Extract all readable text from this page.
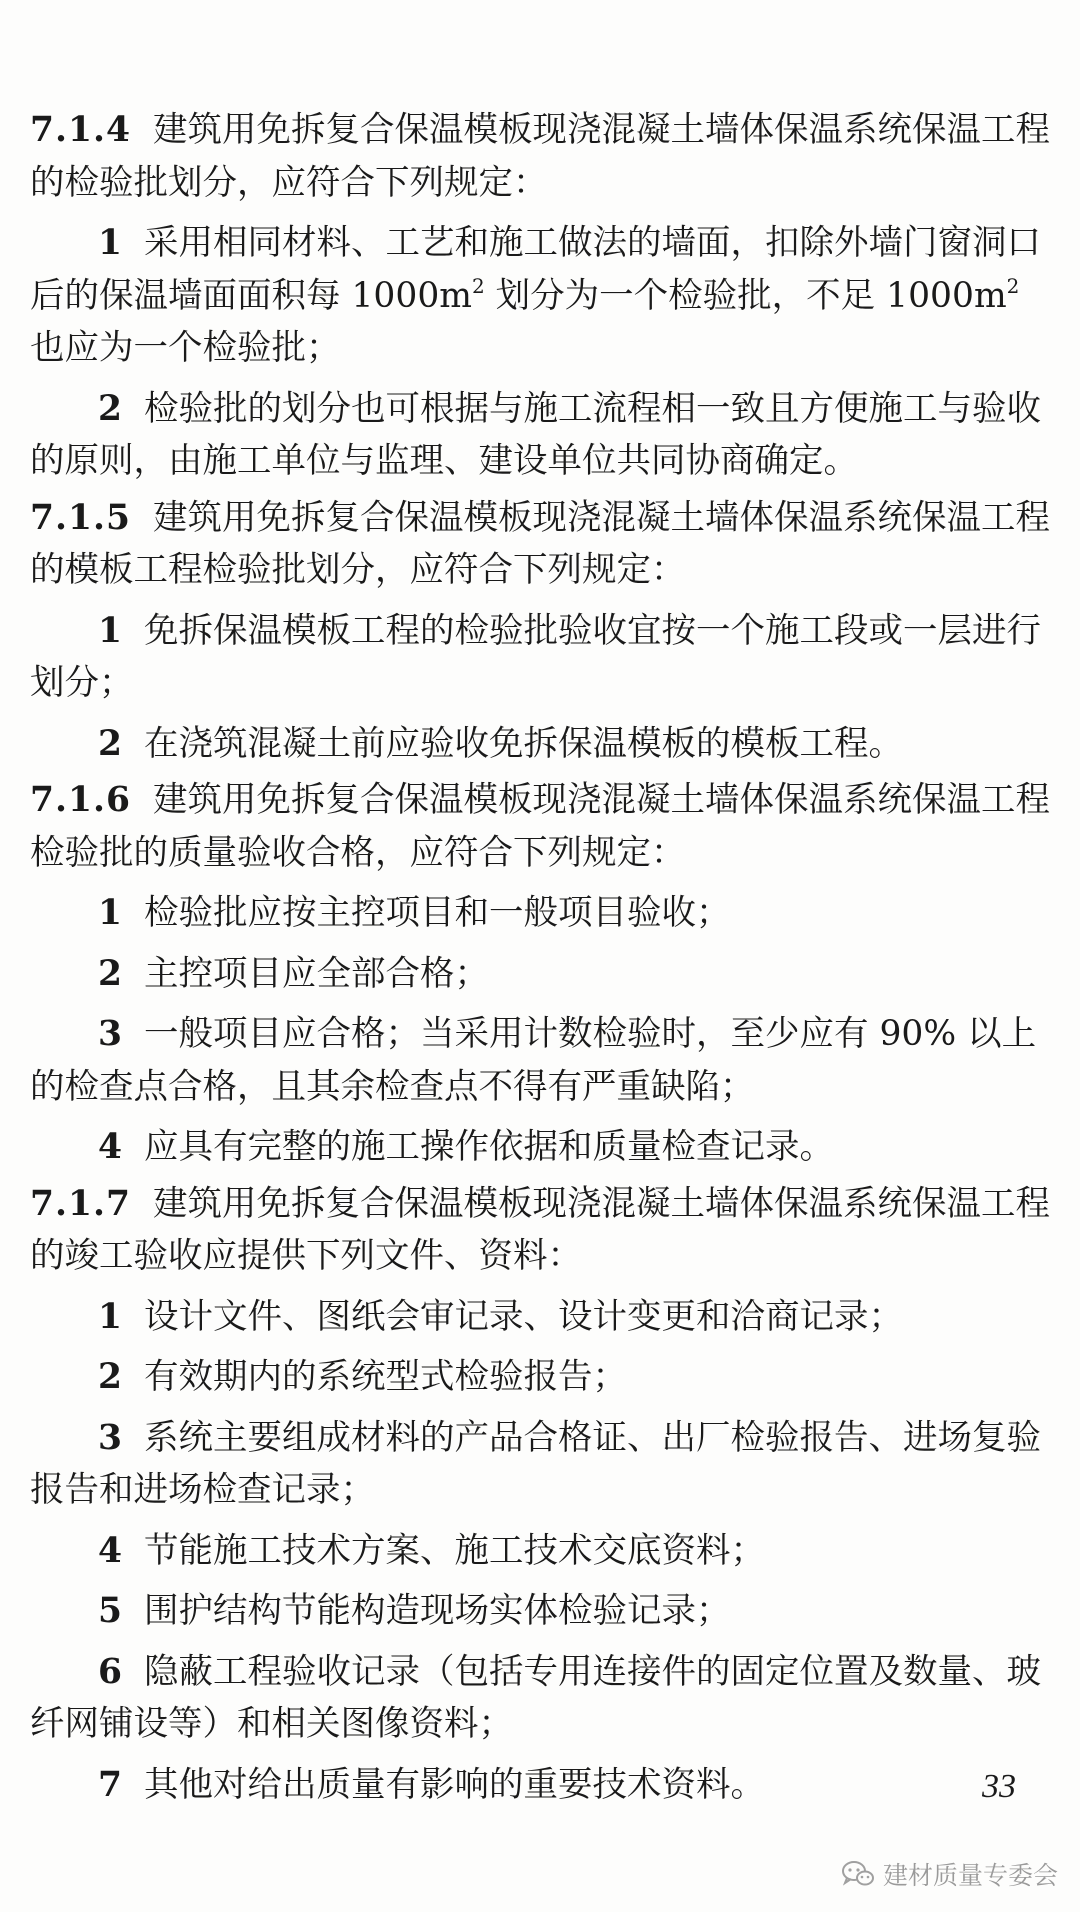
7.1.4 建筑用免拆复合保温模板现浇混凝土墙体保温系统保温工程的检验批划分，应符合下列规定：

1 采用相同材料、工艺和施工做法的墙面，扣除外墙门窗洞口后的保温墙面面积每 $1000m^2$ 划分为一个检验批，不足 $1000m^2$ 也应为一个检验批；

2 检验批的划分也可根据与施工流程相一致且方便施工与验收的原则，由施工单位与监理、建设单位共同协商确定。

7.1.5 建筑用免拆复合保温模板现浇混凝土墙体保温系统保温工程的模板工程检验批划分，应符合下列规定：

1 免拆保温模板工程的检验批验收宜按一个施工段或一层进行划分；

2 在浇筑混凝土前应验收免拆保温模板的模板工程。

7.1.6 建筑用免拆复合保温模板现浇混凝土墙体保温系统保温工程检验批的质量验收合格，应符合下列规定：

1 检验批应按主控项目和一般项目验收；

2 主控项目应全部合格；

3 一般项目应合格；当采用计数检验时，至少应有 90% 以上的检查点合格，且其余检查点不得有严重缺陷；

4 应具有完整的施工操作依据和质量检查记录。

7.1.7 建筑用免拆复合保温模板现浇混凝土墙体保温系统保温工程的竣工验收应提供下列文件、资料：

1 设计文件、图纸会审记录、设计变更和洽商记录；

2 有效期内的系统型式检验报告；

3 系统主要组成材料的产品合格证、出厂检验报告、进场复验报告和进场检查记录；

4 节能施工技术方案、施工技术交底资料；

5 围护结构节能构造现场实体检验记录；

6 隐蔽工程验收记录（包括专用连接件的固定位置及数量、玻纤网铺设等）和相关图像资料；

7 其他对给出质量有影响的重要技术资料。	33
建材质量专委会
